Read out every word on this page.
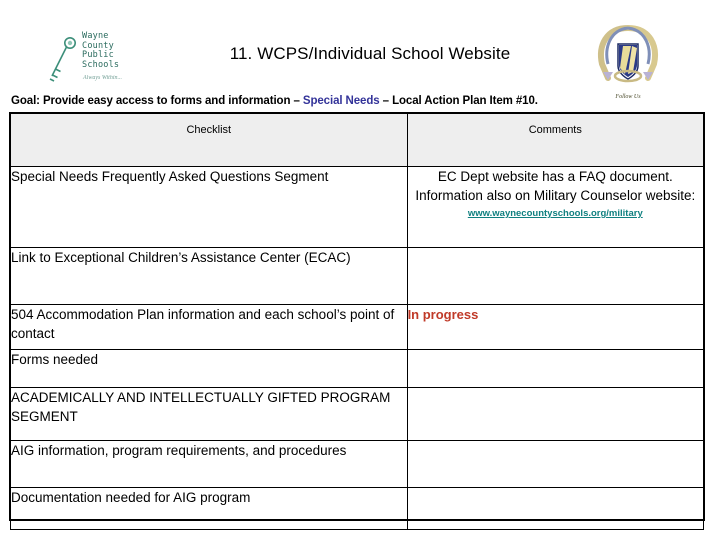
Wayne
County
Public
Schools
Always Within...
11. WCPS/Individual School Website
Follow Us
Goal: Provide easy access to forms and information – Special Needs – Local Action Plan Item #10.
Checklist	Comments
Special Needs Frequently Asked Questions Segment	EC Dept website has a FAQ document. Information also on Military Counselor website:
www.waynecountyschools.org/military

Link to Exceptional Children’s Assistance Center (ECAC)	
504 Accommodation Plan information and each school’s point of contact	In progress
Forms needed	
ACADEMICALLY AND INTELLECTUALLY GIFTED PROGRAM SEGMENT	
AIG information, program requirements, and procedures	
Documentation needed for AIG program	
